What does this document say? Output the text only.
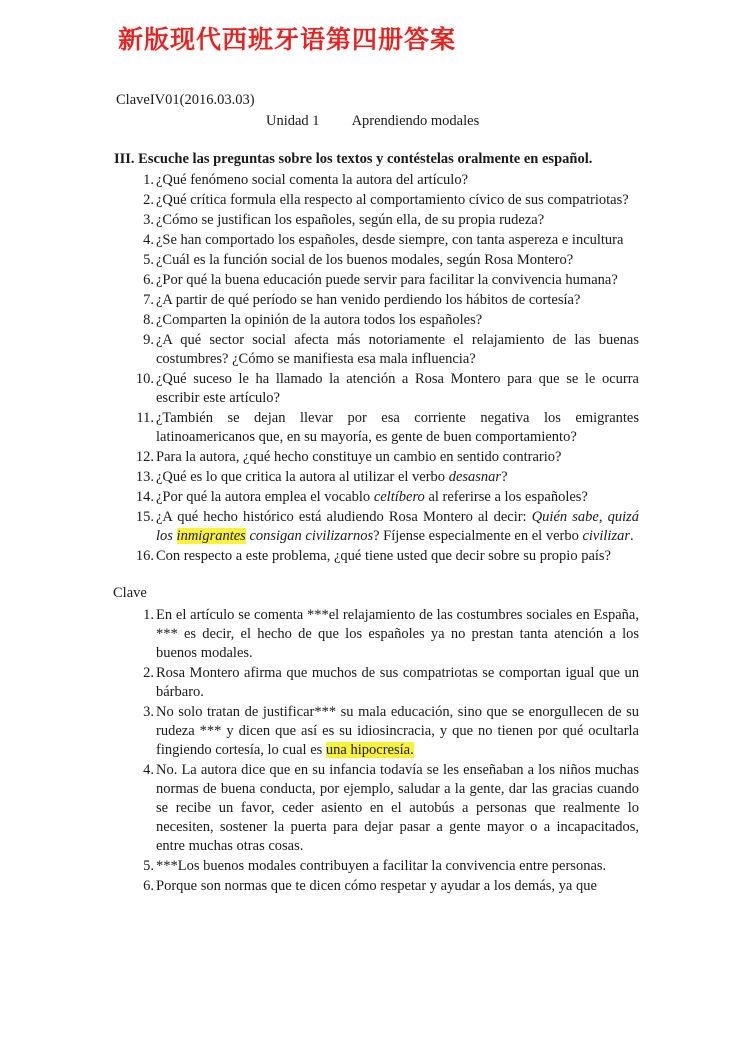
新版现代西班牙语第四册答案
ClaveIV01(2016.03.03)
Unidad 1 Aprendiendo modales
III. Escuche las preguntas sobre los textos y contéstelas oralmente en español.
1. ¿Qué fenómeno social comenta la autora del artículo?
2. ¿Qué crítica formula ella respecto al comportamiento cívico de sus compatriotas?
3. ¿Cómo se justifican los españoles, según ella, de su propia rudeza?
4. ¿Se han comportado los españoles, desde siempre, con tanta aspereza e incultura
5. ¿Cuál es la función social de los buenos modales, según Rosa Montero?
6. ¿Por qué la buena educación puede servir para facilitar la convivencia humana?
7. ¿A partir de qué período se han venido perdiendo los hábitos de cortesía?
8. ¿Comparten la opinión de la autora todos los españoles?
9. ¿A qué sector social afecta más notoriamente el relajamiento de las buenas costumbres? ¿Cómo se manifiesta esa mala influencia?
10. ¿Qué suceso le ha llamado la atención a Rosa Montero para que se le ocurra escribir este artículo?
11. ¿También se dejan llevar por esa corriente negativa los emigrantes latinoamericanos que, en su mayoría, es gente de buen comportamiento?
12. Para la autora, ¿qué hecho constituye un cambio en sentido contrario?
13. ¿Qué es lo que critica la autora al utilizar el verbo desasnar?
14. ¿Por qué la autora emplea el vocablo celtíbero al referirse a los españoles?
15. ¿A qué hecho histórico está aludiendo Rosa Montero al decir: Quién sabe, quizá los inmigrantes consigan civilizarnos? Fíjense especialmente en el verbo civilizar.
16. Con respecto a este problema, ¿qué tiene usted que decir sobre su propio país?
Clave
1. En el artículo se comenta ***el relajamiento de las costumbres sociales en España, *** es decir, el hecho de que los españoles ya no prestan tanta atención a los buenos modales.
2. Rosa Montero afirma que muchos de sus compatriotas se comportan igual que un bárbaro.
3. No solo tratan de justificar*** su mala educación, sino que se enorgullecen de su rudeza *** y dicen que así es su idiosincracia, y que no tienen por qué ocultarla fingiendo cortesía, lo cual es una hipocresía.
4. No. La autora dice que en su infancia todavía se les enseñaban a los niños muchas normas de buena conducta, por ejemplo, saludar a la gente, dar las gracias cuando se recibe un favor, ceder asiento en el autobús a personas que realmente lo necesiten, sostener la puerta para dejar pasar a gente mayor o a incapacitados, entre muchas otras cosas.
5. ***Los buenos modales contribuyen a facilitar la convivencia entre personas.
6. Porque son normas que te dicen cómo respetar y ayudar a los demás, ya que
